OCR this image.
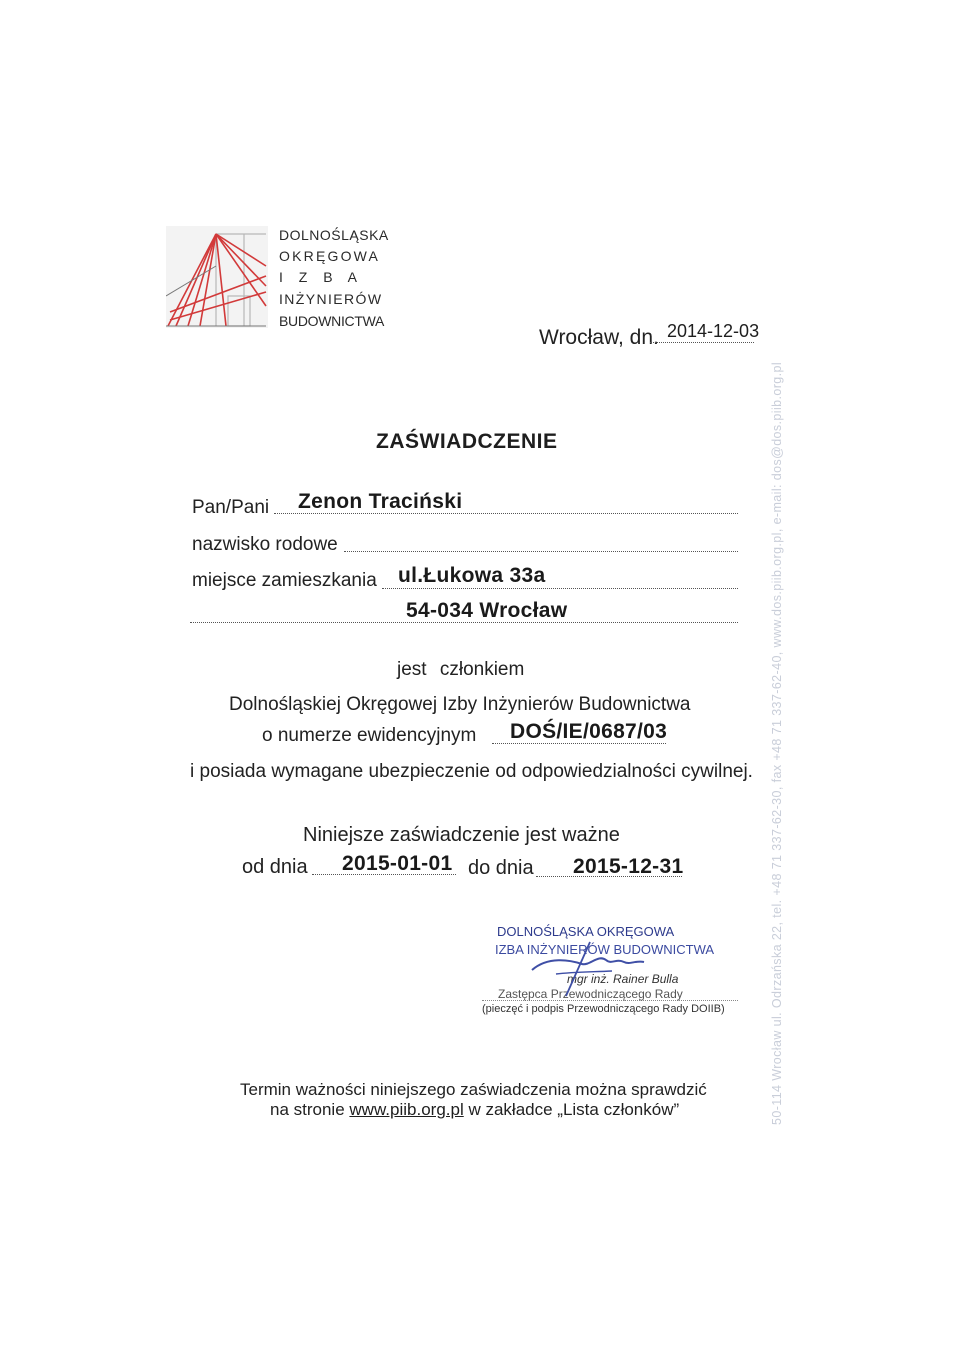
DOLNOŚLĄSKA
OKRĘGOWA
I Z B A
INŻYNIERÓW
BUDOWNICTWA
Wrocław, dn. 2014-12-03
ZAŚWIADCZENIE
Pan/Pani Zenon Traciński
nazwisko rodowe
miejsce zamieszkania ul.Łukowa 33a
54-034 Wrocław
jest członkiem
Dolnośląskiej Okręgowej Izby Inżynierów Budownictwa
o numerze ewidencyjnym DOŚ/IE/0687/03
i posiada wymagane ubezpieczenie od odpowiedzialności cywilnej.
Niniejsze zaświadczenie jest ważne
od dnia 2015-01-01 do dnia 2015-12-31
DOLNOŚLĄSKA OKRĘGOWA
IZBA INŻYNIERÓW BUDOWNICTWA
mgr inż. Rainer Bulla
Zastępca Przewodniczącego Rady
(pieczęć i podpis Przewodniczącego Rady DOIIB)
Termin ważności niniejszego zaświadczenia można sprawdzić
na stronie www.piib.org.pl w zakładce „Lista członków”	50-114 Wrocław ul. Odrzańska 22, tel. +48 71 337-62-30, fax +48 71 337-62-40, www.dos.piib.org.pl, e-mail: dos@dos.piib.org.pl
